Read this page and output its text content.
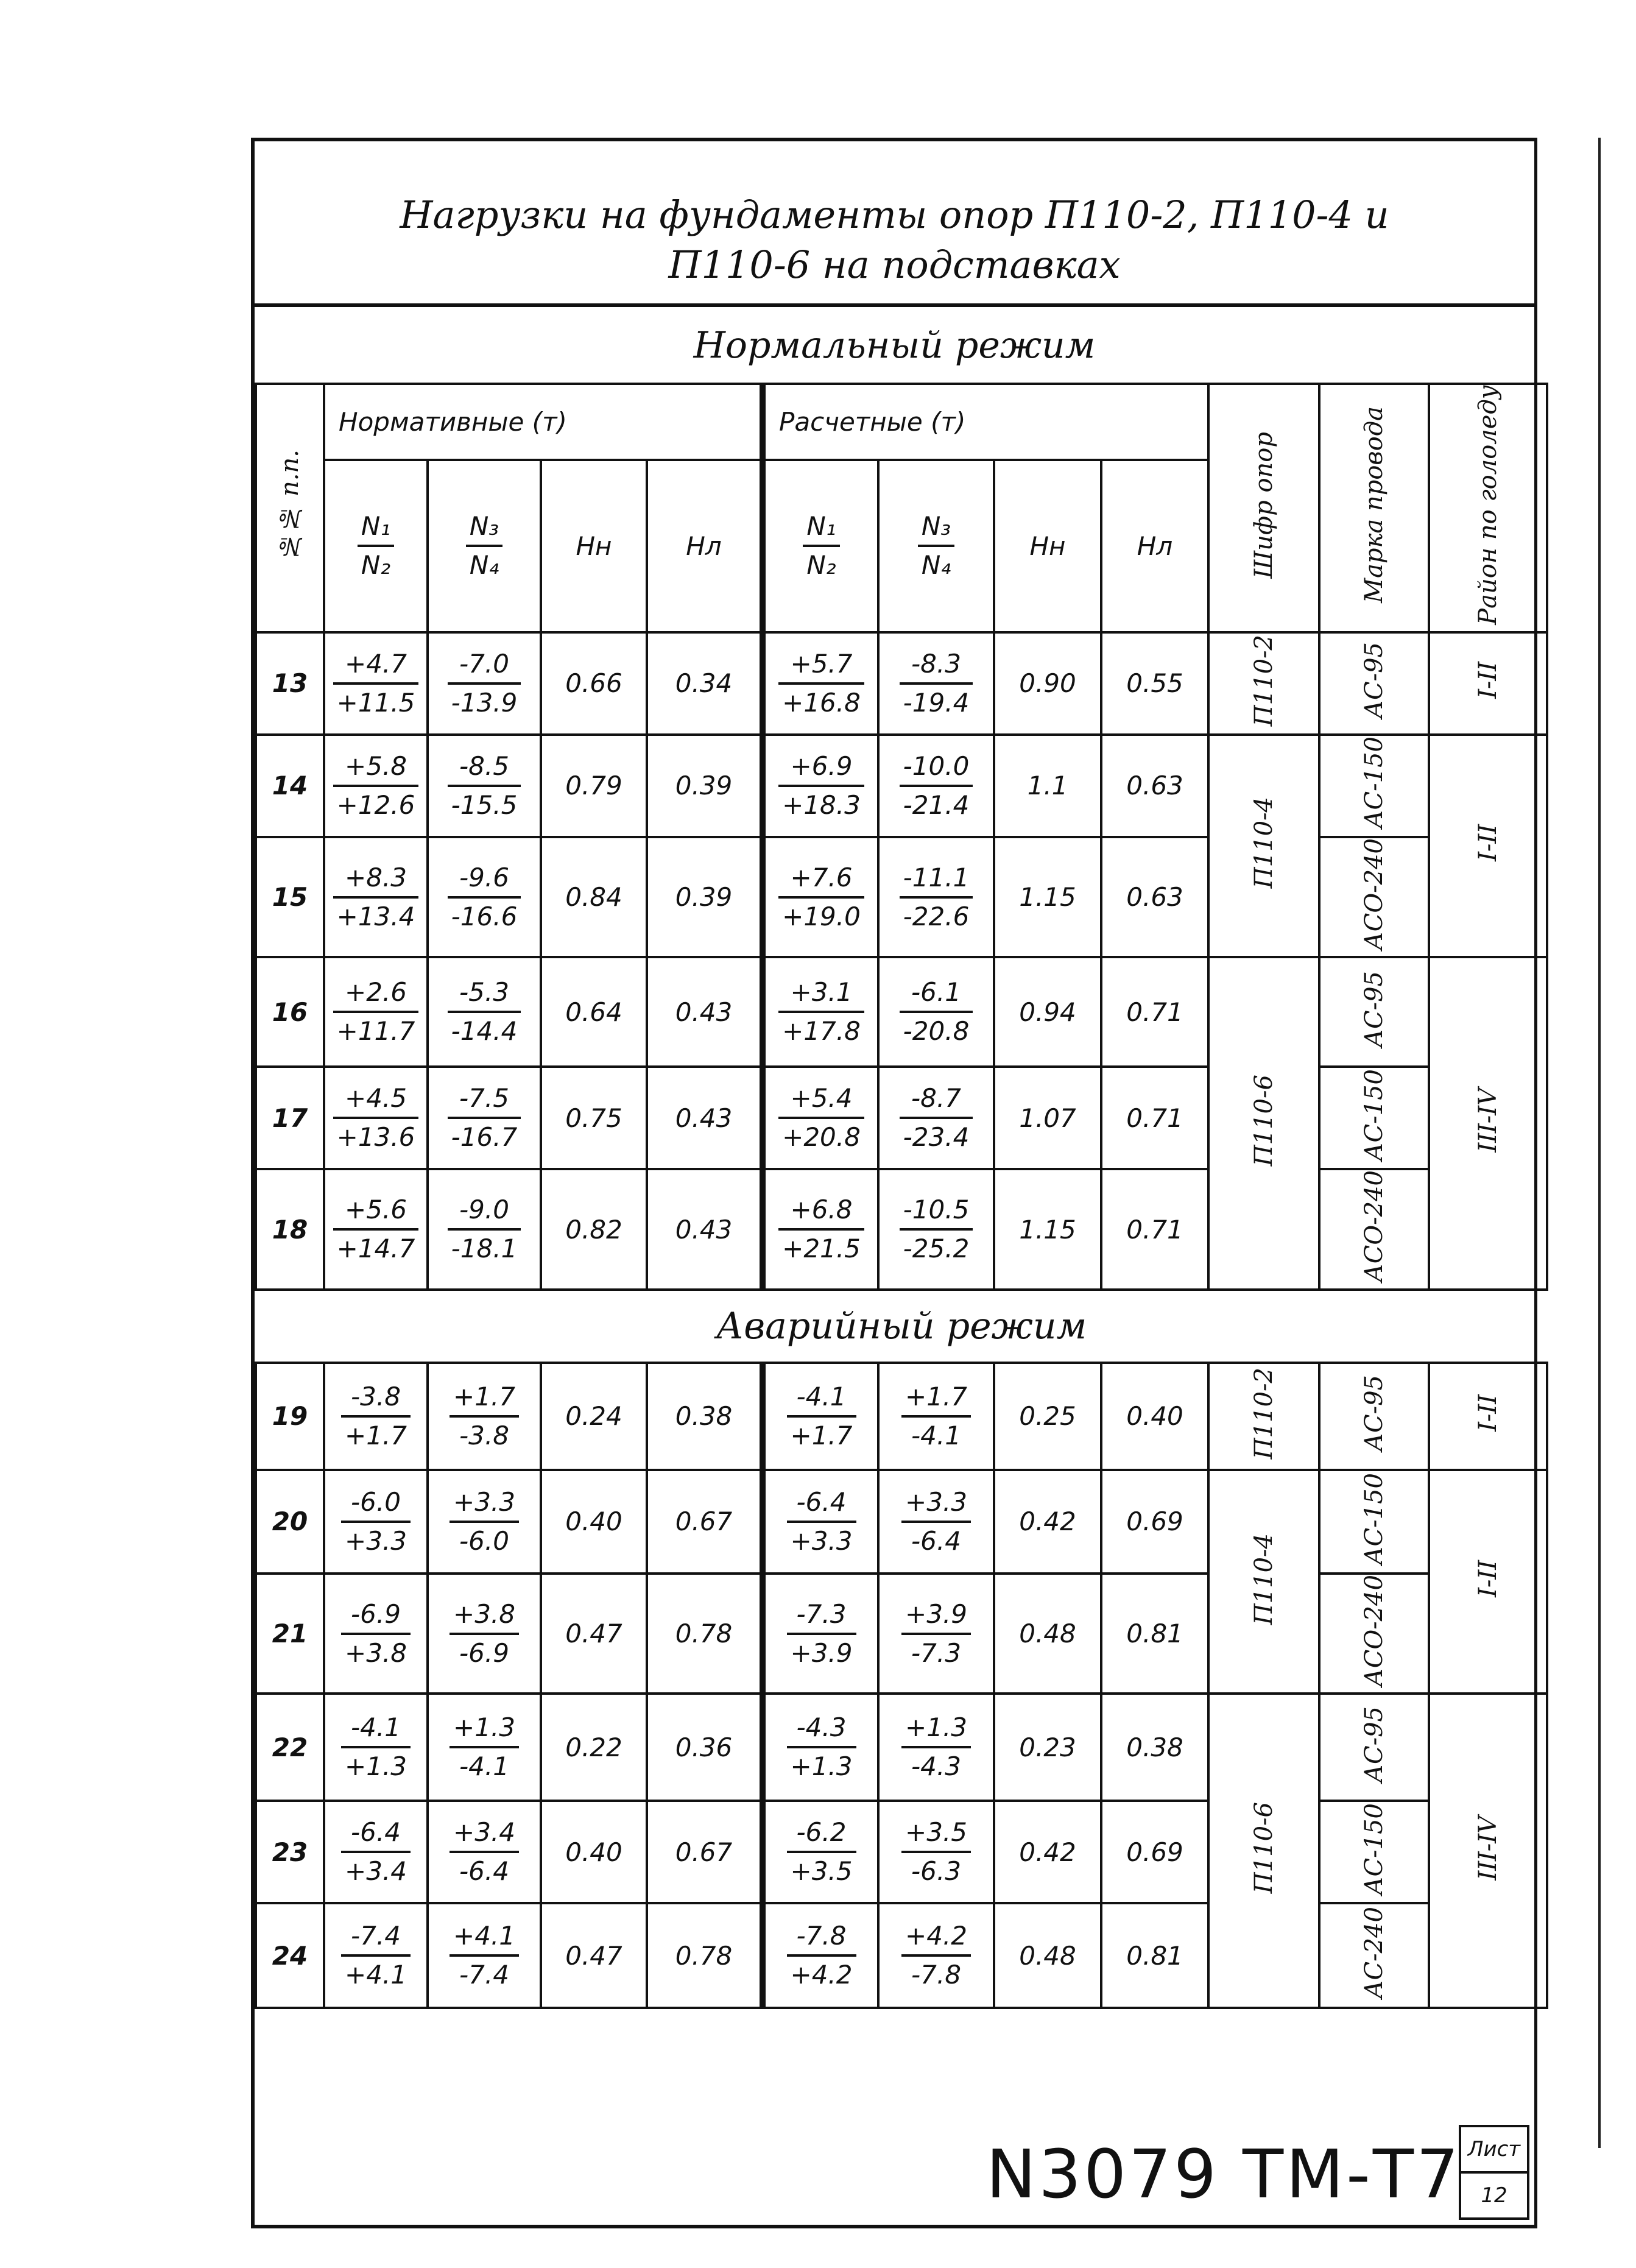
Нагрузки на фундаменты опор П110-2, П110-4 и
П110-6 на подставках
Нормальный режим
№№ п.п.	Нормативные (т)				Расчетные (т)				Шифр опор	Марка провода	Район по гололеду

	$\frac{\text{N₁}}{\text{N₂}}$	$\frac{\text{N₃}}{\text{N₄}}$	Hн	Hл	$\frac{\text{N₁}}{\text{N₂}}$	$\frac{\text{N₃}}{\text{N₄}}$	Hн	Hл			
13	$\frac{+4.7}{+11.5}$	$\frac{-7.0}{-13.9}$	0.66	0.34	$\frac{+5.7}{+16.8}$	$\frac{-8.3}{-19.4}$	0.90	0.55	П110-2	АС-95	I-II
14	$\frac{+5.8}{+12.6}$	$\frac{-8.5}{-15.5}$	0.79	0.39	$\frac{+6.9}{+18.3}$	$\frac{-10.0}{-21.4}$	1.1	0.63	П110-4	АС-150	I-II
15	$\frac{+8.3}{+13.4}$	$\frac{-9.6}{-16.6}$	0.84	0.39	$\frac{+7.6}{+19.0}$	$\frac{-11.1}{-22.6}$	1.15	0.63		АСО-240	
16	$\frac{+2.6}{+11.7}$	$\frac{-5.3}{-14.4}$	0.64	0.43	$\frac{+3.1}{+17.8}$	$\frac{-6.1}{-20.8}$	0.94	0.71	П110-6	АС-95	III-IV
17	$\frac{+4.5}{+13.6}$	$\frac{-7.5}{-16.7}$	0.75	0.43	$\frac{+5.4}{+20.8}$	$\frac{-8.7}{-23.4}$	1.07	0.71		АС-150	
18	$\frac{+5.6}{+14.7}$	$\frac{-9.0}{-18.1}$	0.82	0.43	$\frac{+6.8}{+21.5}$	$\frac{-10.5}{-25.2}$	1.15	0.71		АСО-240	
Аварийный режим											
19	$\frac{-3.8}{+1.7}$	$\frac{+1.7}{-3.8}$	0.24	0.38	$\frac{-4.1}{+1.7}$	$\frac{+1.7}{-4.1}$	0.25	0.40	П110-2	АС-95	I-II
20	$\frac{-6.0}{+3.3}$	$\frac{+3.3}{-6.0}$	0.40	0.67	$\frac{-6.4}{+3.3}$	$\frac{+3.3}{-6.4}$	0.42	0.69	П110-4	АС-150	I-II
21	$\frac{-6.9}{+3.8}$	$\frac{+3.8}{-6.9}$	0.47	0.78	$\frac{-7.3}{+3.9}$	$\frac{+3.9}{-7.3}$	0.48	0.81		АСО-240	
22	$\frac{-4.1}{+1.3}$	$\frac{+1.3}{-4.1}$	0.22	0.36	$\frac{-4.3}{+1.3}$	$\frac{+1.3}{-4.3}$	0.23	0.38	П110-6	АС-95	III-IV
23	$\frac{-6.4}{+3.4}$	$\frac{+3.4}{-6.4}$	0.40	0.67	$\frac{-6.2}{+3.5}$	$\frac{+3.5}{-6.3}$	0.42	0.69		АС-150	
24	$\frac{-7.4}{+4.1}$	$\frac{+4.1}{-7.4}$	0.47	0.78	$\frac{-7.8}{+4.2}$	$\frac{+4.2}{-7.8}$	0.48	0.81		АС-240	
N3079 ТМ-Т7 Лист
12
